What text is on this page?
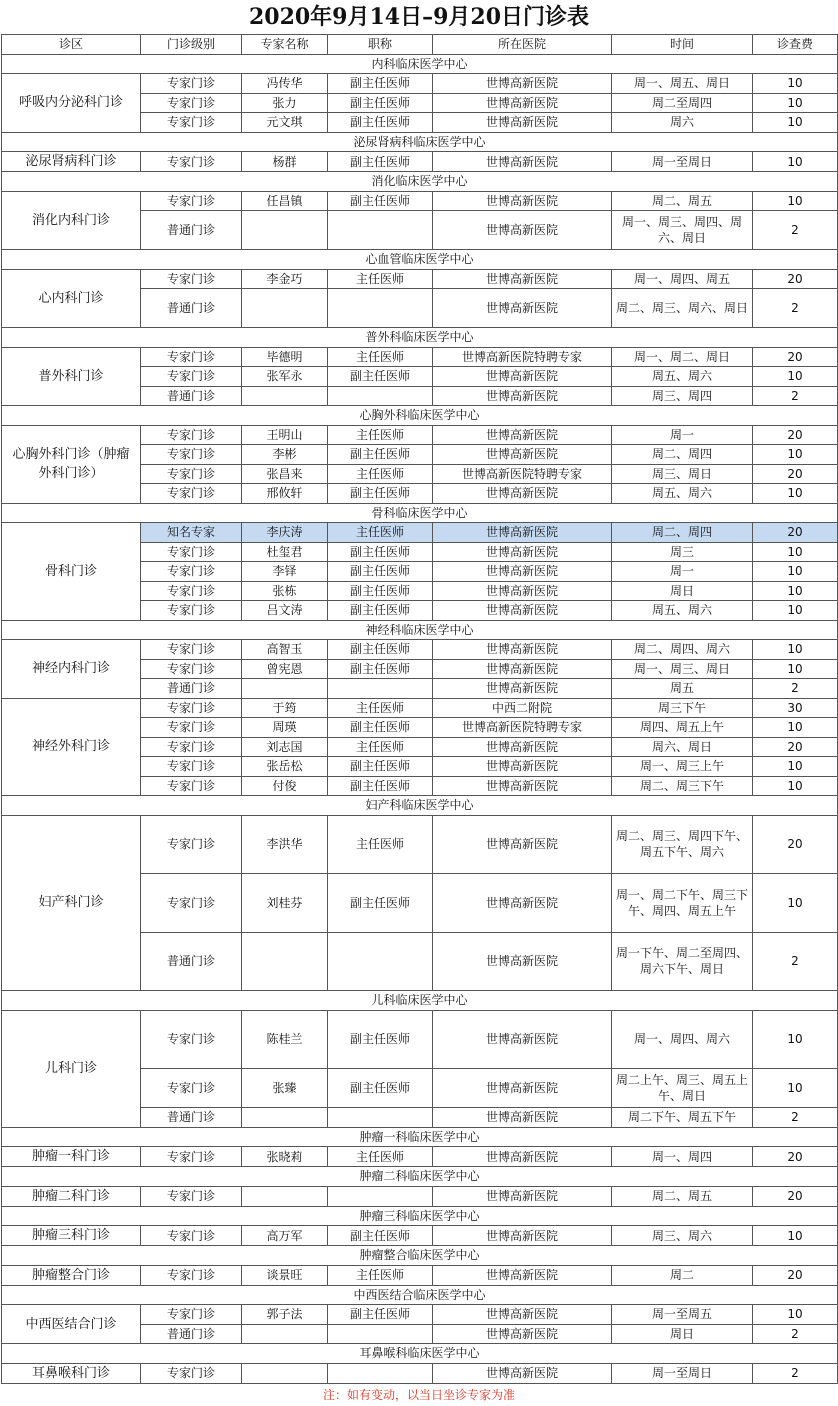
2020年9月14日–9月20日门诊表
诊区	门诊级别	专家名称	职称	所在医院	时间	诊查费
内科临床医学中心						
呼吸内分泌科门诊	专家门诊	冯传华	副主任医师	世博高新医院	周一、周五、周日	10
	专家门诊	张力	副主任医师	世博高新医院	周二至周四	10
	专家门诊	元文琪	副主任医师	世博高新医院	周六	10
泌尿肾病科临床医学中心						
泌尿肾病科门诊	专家门诊	杨群	副主任医师	世博高新医院	周一至周日	10
消化临床医学中心						
消化内科门诊	专家门诊	任昌镇	副主任医师	世博高新医院	周二、周五	10
	普通门诊			世博高新医院	周一、周三、周四、周六、周日	2
心血管临床医学中心						
心内科门诊	专家门诊	李金巧	主任医师	世博高新医院	周一、周四、周五	20
	普通门诊			世博高新医院	周二、周三、周六、周日	2
普外科临床医学中心						
普外科门诊	专家门诊	毕德明	主任医师	世博高新医院特聘专家	周一、周二、周日	20
	专家门诊	张军永	副主任医师	世博高新医院	周五、周六	10
	普通门诊			世博高新医院	周三、周四	2
心胸外科临床医学中心						
心胸外科门诊（肿瘤外科门诊）	专家门诊	王明山	主任医师	世博高新医院	周一	20
	专家门诊	李彬	副主任医师	世博高新医院	周二、周四	10
	专家门诊	张昌来	主任医师	世博高新医院特聘专家	周三、周日	20
	专家门诊	邢攸轩	副主任医师	世博高新医院	周五、周六	10
骨科临床医学中心						
骨科门诊	知名专家	李庆涛	主任医师	世博高新医院	周二、周四	20
	专家门诊	杜玺君	副主任医师	世博高新医院	周三	10
	专家门诊	李铎	副主任医师	世博高新医院	周一	10
	专家门诊	张栋	副主任医师	世博高新医院	周日	10
	专家门诊	吕文涛	副主任医师	世博高新医院	周五、周六	10
神经科临床医学中心						
神经内科门诊	专家门诊	高智玉	副主任医师	世博高新医院	周二、周四、周六	10
	专家门诊	曾宪恩	副主任医师	世博高新医院	周一、周三、周日	10
	普通门诊			世博高新医院	周五	2
神经外科门诊	专家门诊	于筠	主任医师	中西二附院	周三下午	30
	专家门诊	周瑛	副主任医师	世博高新医院特聘专家	周四、周五上午	10
	专家门诊	刘志国	主任医师	世博高新医院	周六、周日	20
	专家门诊	张岳松	副主任医师	世博高新医院	周一、周三上午	10
	专家门诊	付俊	副主任医师	世博高新医院	周二、周三下午	10
妇产科临床医学中心						
妇产科门诊	专家门诊	李洪华	主任医师	世博高新医院	周二、周三、周四下午、周五下午、周六	20
	专家门诊	刘桂芬	副主任医师	世博高新医院	周一、周二下午、周三下午、周四、周五上午	10
	普通门诊			世博高新医院	周一下午、周二至周四、周六下午、周日	2
儿科临床医学中心						
儿科门诊	专家门诊	陈桂兰	副主任医师	世博高新医院	周一、周四、周六	10
	专家门诊	张臻	副主任医师	世博高新医院	周二上午、周三、周五上午、周日	10
	普通门诊			世博高新医院	周二下午、周五下午	2
肿瘤一科临床医学中心						
肿瘤一科门诊	专家门诊	张晓莉	主任医师	世博高新医院	周一、周四	20
肿瘤二科临床医学中心						
肿瘤二科门诊	专家门诊			世博高新医院	周二、周五	20
肿瘤三科临床医学中心						
肿瘤三科门诊	专家门诊	高万军	副主任医师	世博高新医院	周三、周六	10
肿瘤整合临床医学中心						
肿瘤整合门诊	专家门诊	谈景旺	主任医师	世博高新医院	周二	20
中西医结合临床医学中心						
中西医结合门诊	专家门诊	郭子法	副主任医师	世博高新医院	周一至周五	10
	普通门诊			世博高新医院	周日	2
耳鼻喉科临床医学中心						
耳鼻喉科门诊	专家门诊			世博高新医院	周一至周日	2
注：如有变动，以当日坐诊专家为准
